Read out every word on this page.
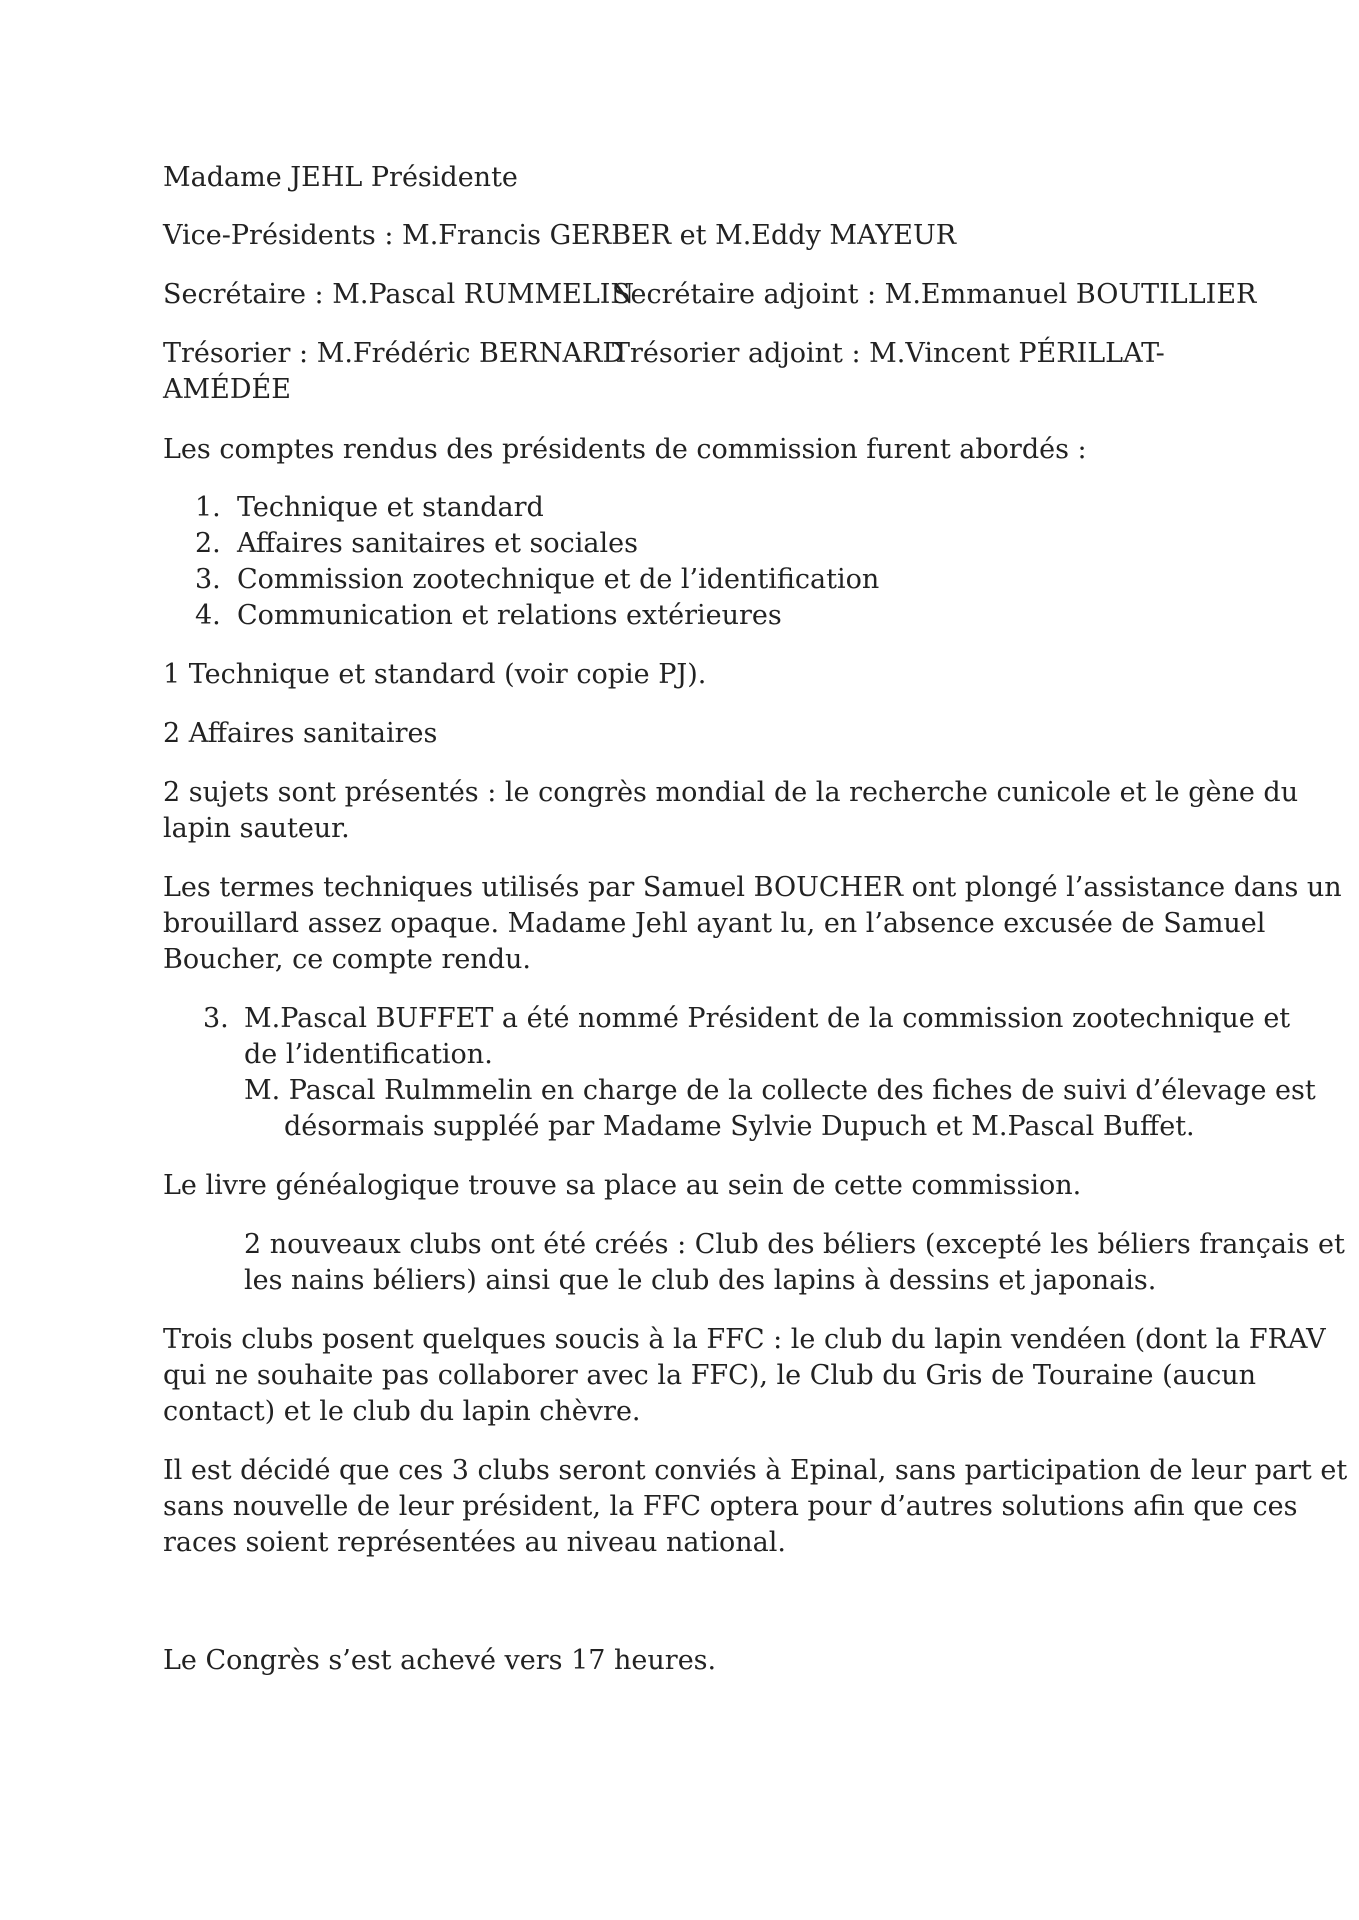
Madame JEHL Présidente

Vice-Présidents : M.Francis GERBER et M.Eddy MAYEUR

Secrétaire : M.Pascal RUMMELIN

Secrétaire adjoint : M.Emmanuel BOUTILLIER

Trésorier : M.Frédéric BERNARD

Trésorier adjoint : M.Vincent PÉRILLAT-

AMÉDÉE

Les comptes rendus des présidents de commission furent abordés :

1. Technique et standard
2. Affaires sanitaires et sociales
3. Commission zootechnique et de l’identification
4. Communication et relations extérieures

1 Technique et standard (voir copie PJ).

2 Affaires sanitaires

2 sujets sont présentés : le congrès mondial de la recherche cunicole et le gène du

lapin sauteur.

Les termes techniques utilisés par Samuel BOUCHER ont plongé l’assistance dans un

brouillard assez opaque. Madame Jehl ayant lu, en l’absence excusée de Samuel

Boucher, ce compte rendu.

3. M.Pascal BUFFET a été nommé Président de la commission zootechnique et

de l’identification.

M. Pascal Rulmmelin en charge de la collecte des fiches de suivi d’élevage est

désormais suppléé par Madame Sylvie Dupuch et M.Pascal Buffet.

Le livre généalogique trouve sa place au sein de cette commission.

2 nouveaux clubs ont été créés : Club des béliers (excepté les béliers français et

les nains béliers) ainsi que le club des lapins à dessins et japonais.

Trois clubs posent quelques soucis à la FFC : le club du lapin vendéen (dont la FRAV

qui ne souhaite pas collaborer avec la FFC), le Club du Gris de Touraine (aucun

contact) et le club du lapin chèvre.

Il est décidé que ces 3 clubs seront conviés à Epinal, sans participation de leur part et

sans nouvelle de leur président, la FFC optera pour d’autres solutions afin que ces

races soient représentées au niveau national.

Le Congrès s’est achevé vers 17 heures.
